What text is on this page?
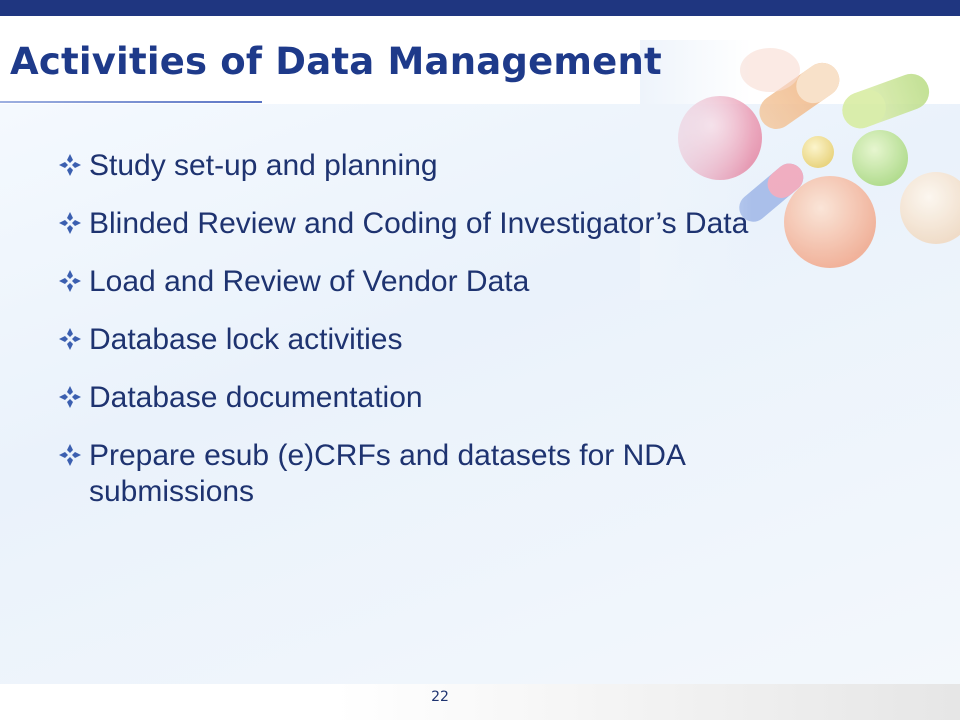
Activities of Data Management
Study set-up and planning
Blinded Review and Coding of Investigator’s Data
Load and Review of Vendor Data
Database lock activities
Database documentation
Prepare esub (e)CRFs and datasets for NDA submissions
22
